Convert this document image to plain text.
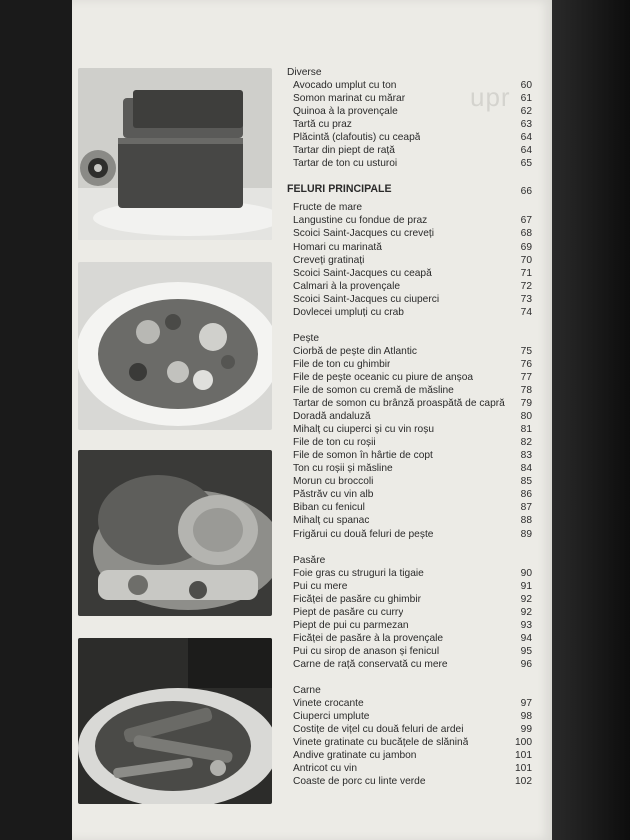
upr
Diverse
Avocado umplut cu ton	60
Somon marinat cu mărar	61
Quinoa à la provençale	62
Tartă cu praz	63
Plăcintă (clafoutis) cu ceapă	64
Tartar din piept de rață	64
Tartar de ton cu usturoi	65
FELURI PRINCIPALE	66
Fructe de mare
Langustine cu fondue de praz	67
Scoici Saint-Jacques cu creveți	68
Homari cu marinată	69
Creveți gratinați	70
Scoici Saint-Jacques cu ceapă	71
Calmari à la provençale	72
Scoici Saint-Jacques cu ciuperci	73
Dovlecei umpluți cu crab	74
Pește
Ciorbă de pește din Atlantic	75
File de ton cu ghimbir	76
File de pește oceanic cu piure de anșoa	77
File de somon cu cremă de măsline	78
Tartar de somon cu brânză proaspătă de capră 79
Doradă andaluză	80
Mihalț cu ciuperci și cu vin roșu	81
File de ton cu roșii	82
File de somon în hârtie de copt	83
Ton cu roșii și măsline	84
Morun cu broccoli	85
Păstrăv cu vin alb	86
Biban cu fenicul	87
Mihalț cu spanac	88
Frigărui cu două feluri de pește	89
Pasăre
Foie gras cu struguri la tigaie	90
Pui cu mere	91
Ficăței de pasăre cu ghimbir	92
Piept de pasăre cu curry	92
Piept de pui cu parmezan	93
Ficăței de pasăre à la provençale	94
Pui cu sirop de anason și fenicul	95
Carne de rață conservată cu mere	96
Carne
Vinete crocante	97
Ciuperci umplute	98
Costițe de vițel cu două feluri de ardei	99
Vinete gratinate cu bucățele de slănină	100
Andive gratinate cu jambon	101
Antricot cu vin	101
Coaste de porc cu linte verde	102
